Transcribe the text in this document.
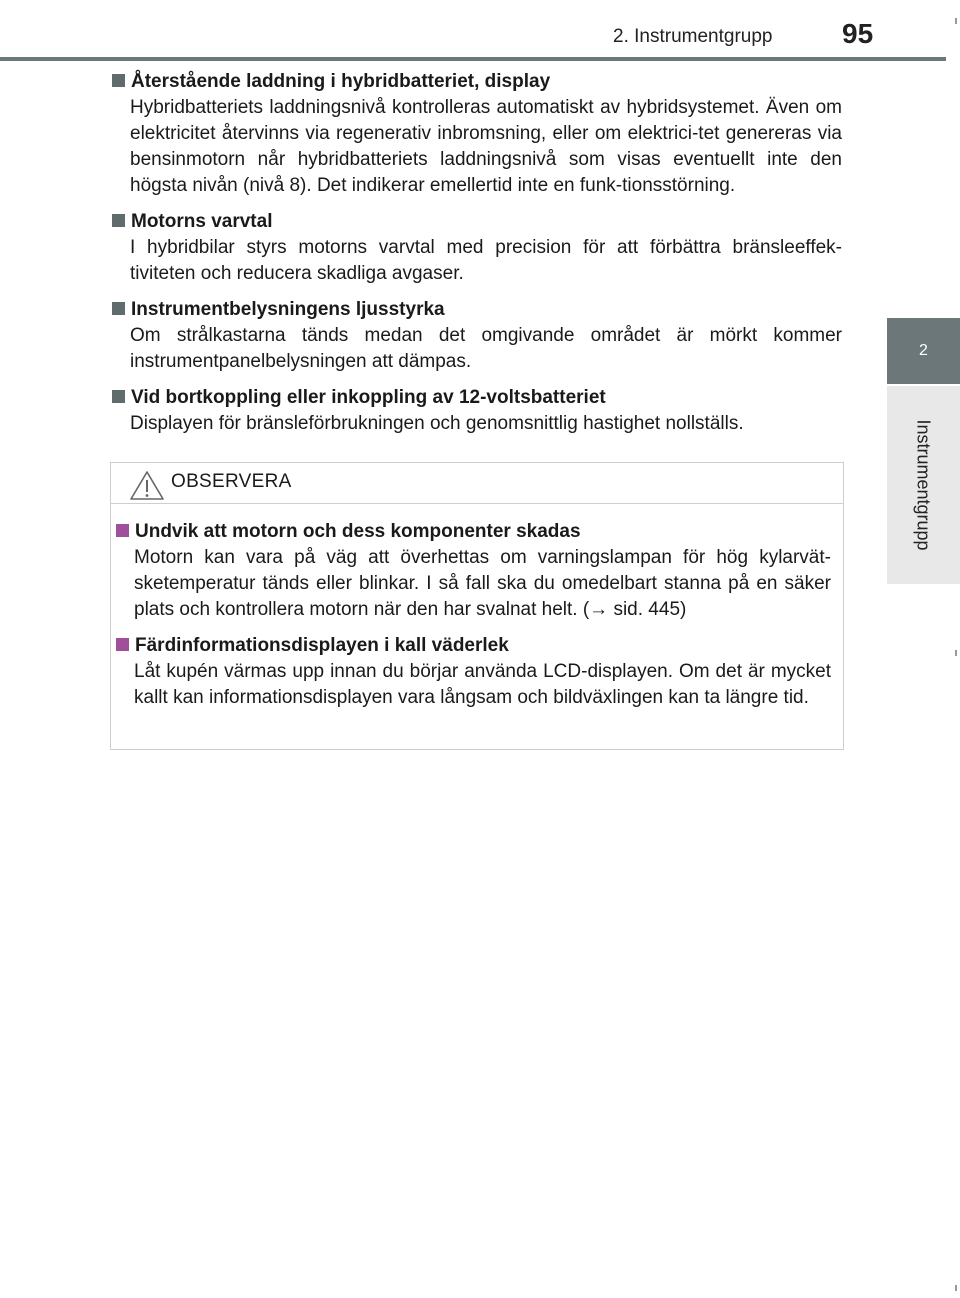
2. Instrumentgrupp 95
2
Instrumentgrupp
Återstående laddning i hybridbatteriet, display
Hybridbatteriets laddningsnivå kontrolleras automatiskt av hybridsystemet. Även om elektricitet återvinns via regenerativ inbromsning, eller om elektrici-tet genereras via bensinmotorn når hybridbatteriets laddningsnivå som visas eventuellt inte den högsta nivån (nivå 8). Det indikerar emellertid inte en funk-tionsstörning.
Motorns varvtal
I hybridbilar styrs motorns varvtal med precision för att förbättra bränsleeffek-tiviteten och reducera skadliga avgaser.
Instrumentbelysningens ljusstyrka
Om strålkastarna tänds medan det omgivande området är mörkt kommer instrumentpanelbelysningen att dämpas.
Vid bortkoppling eller inkoppling av 12-voltsbatteriet
Displayen för bränsleförbrukningen och genomsnittlig hastighet nollställs.
OBSERVERA
Undvik att motorn och dess komponenter skadas
Motorn kan vara på väg att överhettas om varningslampan för hög kylarvät-sketemperatur tänds eller blinkar. I så fall ska du omedelbart stanna på en säker plats och kontrollera motorn när den har svalnat helt. (→ sid. 445)
Färdinformationsdisplayen i kall väderlek
Låt kupén värmas upp innan du börjar använda LCD-displayen. Om det är mycket kallt kan informationsdisplayen vara långsam och bildväxlingen kan ta längre tid.
